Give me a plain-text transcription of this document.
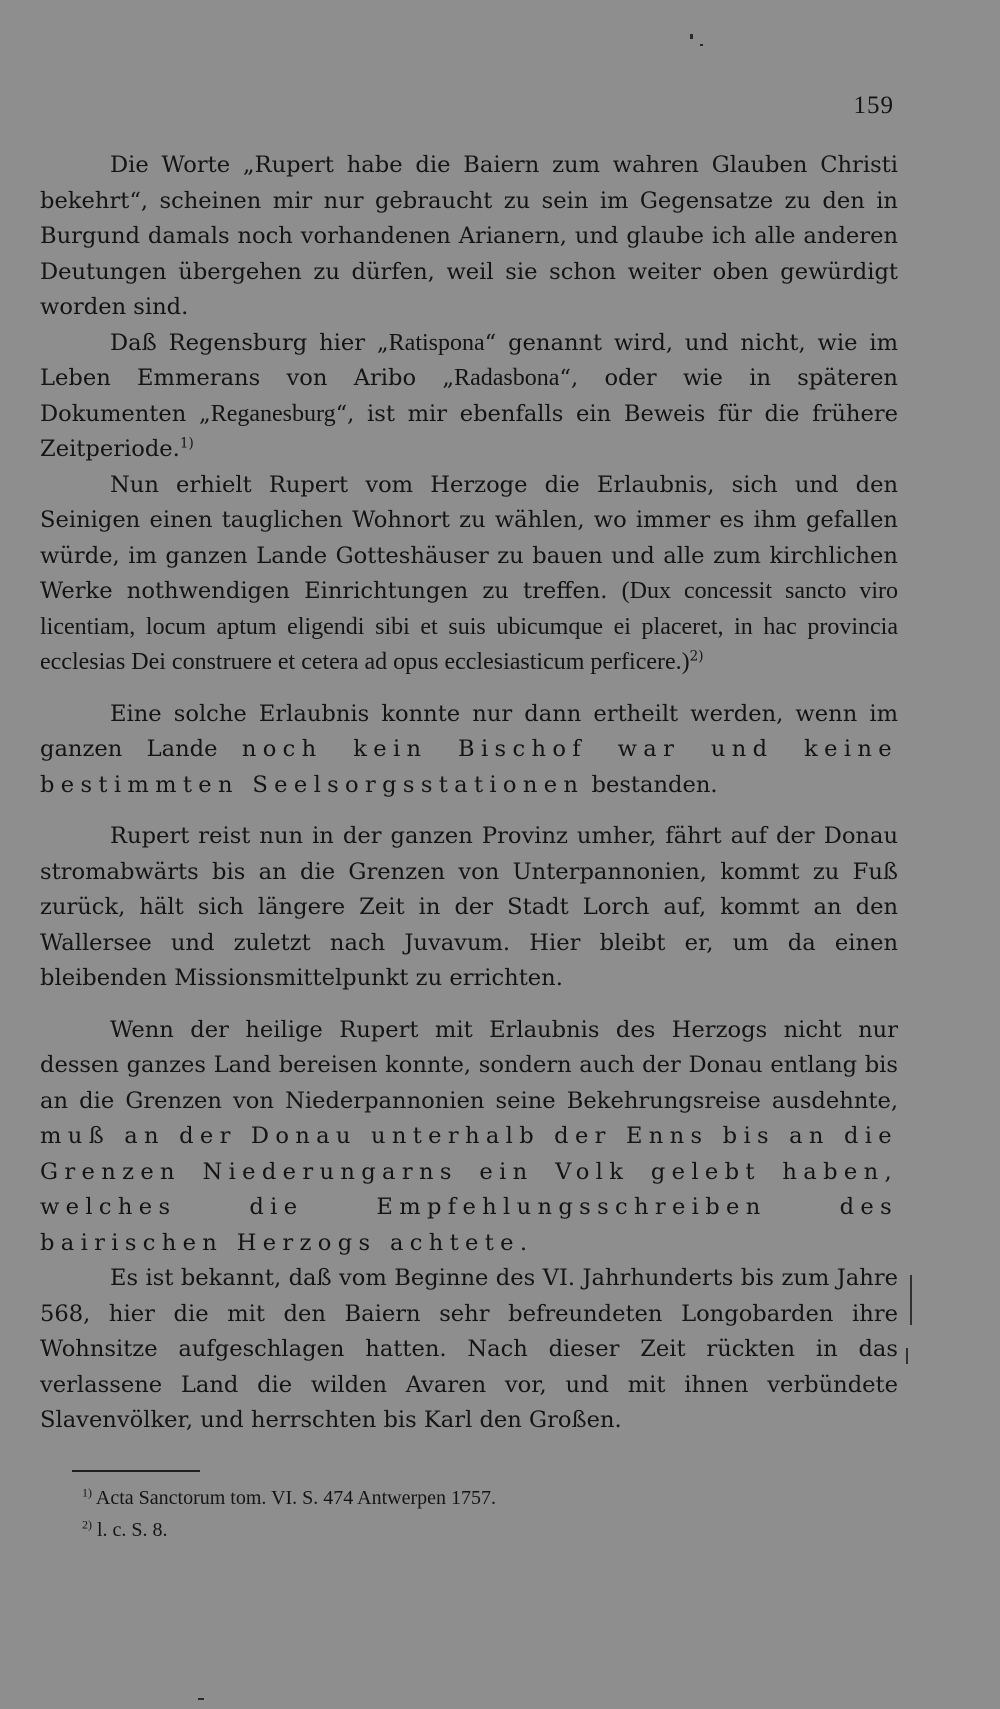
159

Die Worte „Rupert habe die Baiern zum wahren Glauben Christi bekehrt“, scheinen mir nur gebraucht zu sein im Gegensatze zu den in Burgund damals noch vorhandenen Arianern, und glaube ich alle anderen Deutungen übergehen zu dürfen, weil sie schon weiter oben gewürdigt worden sind.

Daß Regensburg hier „Ratispona“ genannt wird, und nicht, wie im Leben Emmerans von Aribo „Radasbona“, oder wie in späteren Dokumenten „Reganesburg“, ist mir ebenfalls ein Beweis für die frühere Zeitperiode.$^{1)}$

Nun erhielt Rupert vom Herzoge die Erlaubnis, sich und den Seinigen einen tauglichen Wohnort zu wählen, wo immer es ihm gefallen würde, im ganzen Lande Gotteshäuser zu bauen und alle zum kirchlichen Werke nothwendigen Einrichtungen zu treffen. (Dux concessit sancto viro licentiam, locum aptum eligendi sibi et suis ubicumque ei placeret, in hac provincia ecclesias Dei construere et cetera ad opus ecclesiasticum perficere.)$^{2)}$

Eine solche Erlaubnis konnte nur dann ertheilt werden, wenn im ganzen Lande noch kein Bischof war und keine bestimmten Seelsorgsstationen bestanden.

Rupert reist nun in der ganzen Provinz umher, fährt auf der Donau stromabwärts bis an die Grenzen von Unterpannonien, kommt zu Fuß zurück, hält sich längere Zeit in der Stadt Lorch auf, kommt an den Wallersee und zuletzt nach Juvavum. Hier bleibt er, um da einen bleibenden Missionsmittelpunkt zu errichten.

Wenn der heilige Rupert mit Erlaubnis des Herzogs nicht nur dessen ganzes Land bereisen konnte, sondern auch der Donau entlang bis an die Grenzen von Niederpannonien seine Bekehrungsreise ausdehnte, muß an der Donau unterhalb der Enns bis an die Grenzen Niederungarns ein Volk gelebt haben, welches die Empfehlungsschreiben des bairischen Herzogs achtete.

Es ist bekannt, daß vom Beginne des VI. Jahrhunderts bis zum Jahre 568, hier die mit den Baiern sehr befreundeten Longobarden ihre Wohnsitze aufgeschlagen hatten. Nach dieser Zeit rückten in das verlassene Land die wilden Avaren vor, und mit ihnen verbündete Slavenvölker, und herrschten bis Karl den Großen.

$^{1)}$ Acta Sanctorum tom. VI. S. 474 Antwerpen 1757.

$^{2)}$ l. c. S. 8.
